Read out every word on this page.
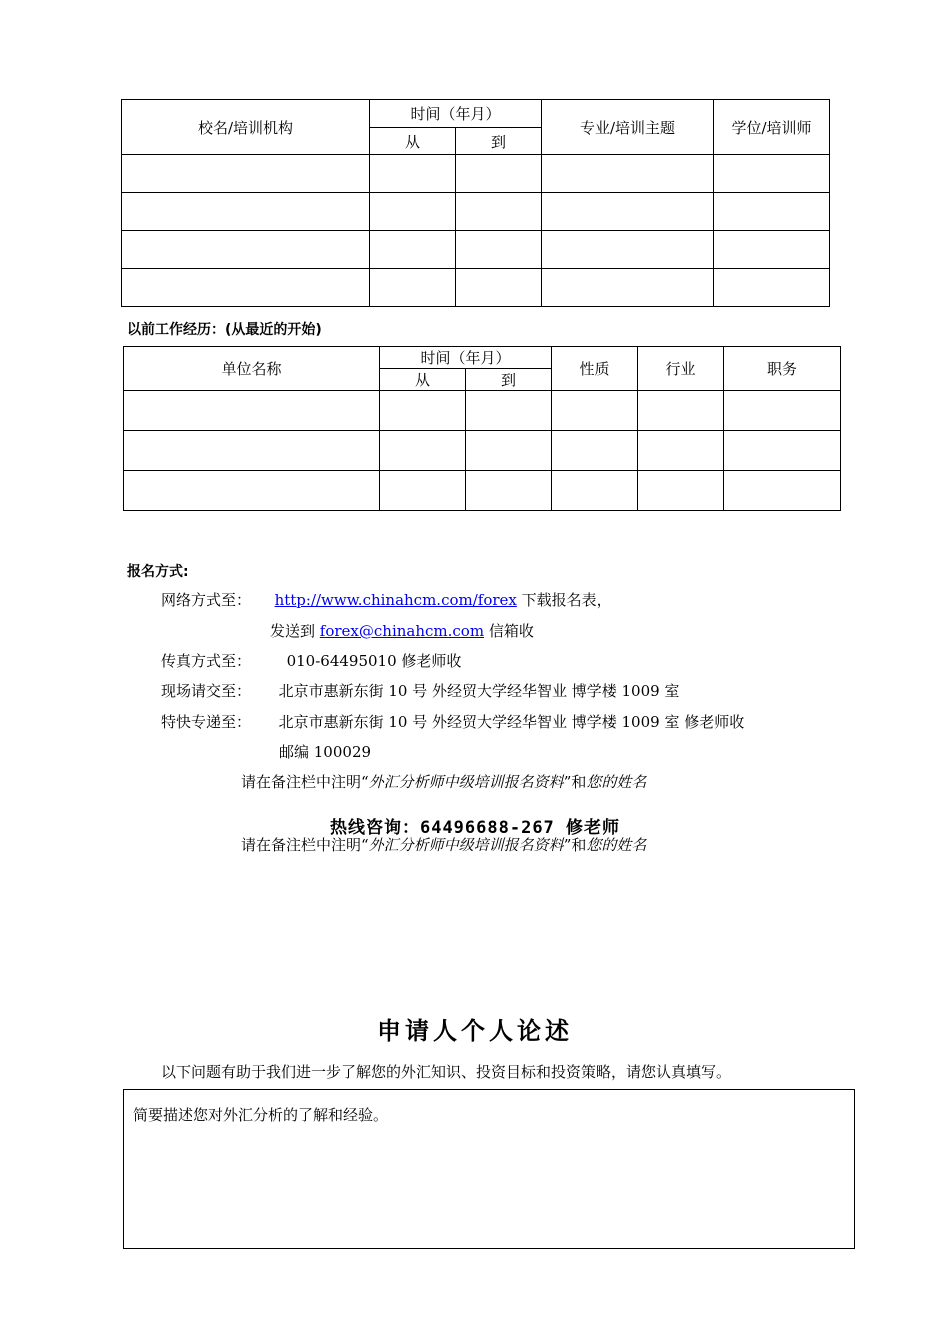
校名/培训机构	时间（年月）		专业/培训主题	学位/培训师
	从	到		

以前工作经历：(从最近的开始)
单位名称	时间（年月）		性质	行业	职务
	从	到			

报名方式:
网络方式至： http://www.chinahcm.com/forex 下载报名表，
发送到 forex@chinahcm.com 信箱收
传真方式至： 010-64495010 修老师收
现场请交至： 北京市惠新东街 10 号 外经贸大学经华智业 博学楼 1009 室
特快专递至： 北京市惠新东街 10 号 外经贸大学经华智业 博学楼 1009 室 修老师收
邮编 100029
请在备注栏中注明“外汇分析师中级培训报名资料”和您的姓名
热线咨询：64496688-267 修老师
请在备注栏中注明“外汇分析师中级培训报名资料”和您的姓名
申请人个人论述
以下问题有助于我们进一步了解您的外汇知识、投资目标和投资策略，请您认真填写。
简要描述您对外汇分析的了解和经验。
